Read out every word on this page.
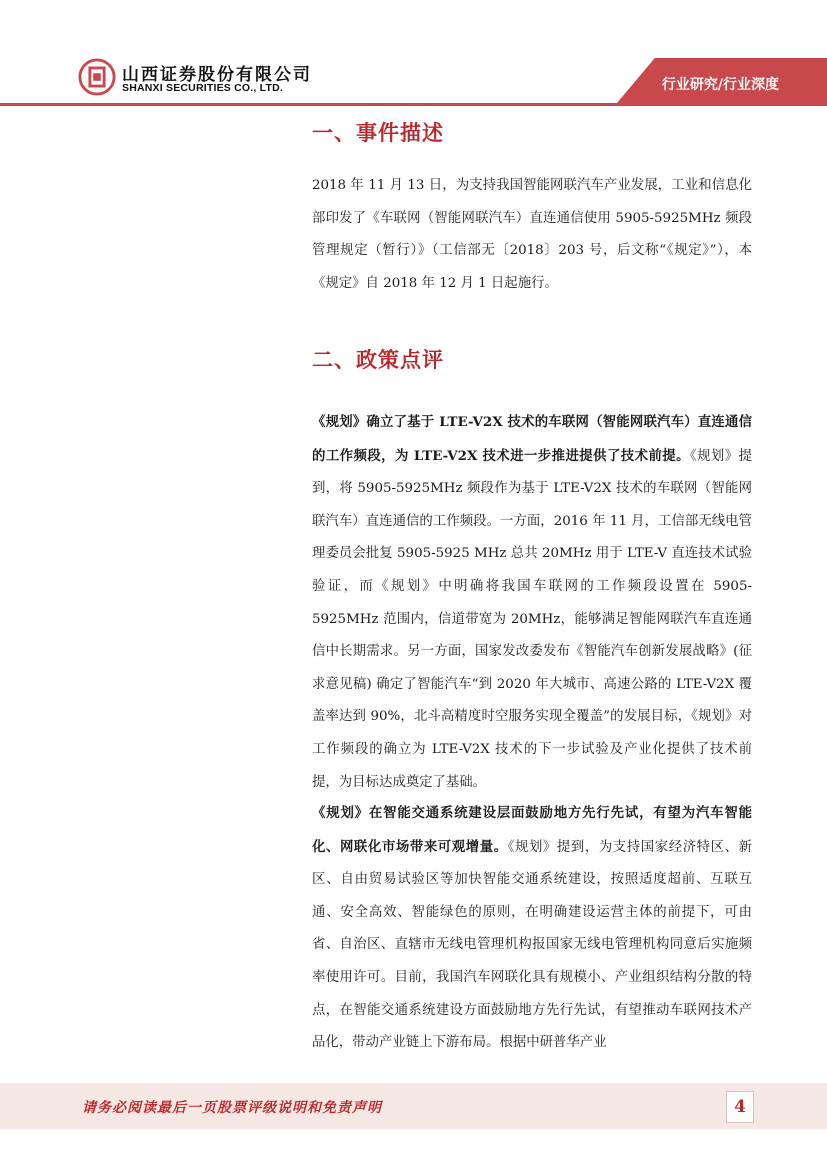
山西证券股份有限公司
SHANXI SECURITIES CO., LTD.	行业研究/行业深度
一、事件描述
二、政策点评

2018 年 11 月 13 日，为支持我国智能网联汽车产业发展，工业和信息化部印发了《车联网（智能网联汽车）直连通信使用 5905-5925MHz 频段管理规定（暂行）》（工信部无〔2018〕203 号，后文称“《规定》”），本《规定》自 2018 年 12 月 1 日起施行。

《规划》确立了基于 LTE-V2X 技术的车联网（智能网联汽车）直连通信的工作频段，为 LTE-V2X 技术进一步推进提供了技术前提。《规划》提到，将 5905-5925MHz 频段作为基于 LTE-V2X 技术的车联网（智能网联汽车）直连通信的工作频段。一方面，2016 年 11 月，工信部无线电管理委员会批复 5905-5925 MHz 总共 20MHz 用于 LTE-V 直连技术试验验证，而《规划》中明确将我国车联网的工作频段设置在 5905-5925MHz 范围内，信道带宽为 20MHz，能够满足智能网联汽车直连通信中长期需求。另一方面，国家发改委发布《智能汽车创新发展战略》(征求意见稿) 确定了智能汽车“到 2020 年大城市、高速公路的 LTE-V2X 覆盖率达到 90%，北斗高精度时空服务实现全覆盖”的发展目标，《规划》对工作频段的确立为 LTE-V2X 技术的下一步试验及产业化提供了技术前提，为目标达成奠定了基础。

《规划》在智能交通系统建设层面鼓励地方先行先试，有望为汽车智能化、网联化市场带来可观增量。《规划》提到，为支持国家经济特区、新区、自由贸易试验区等加快智能交通系统建设，按照适度超前、互联互通、安全高效、智能绿色的原则，在明确建设运营主体的前提下，可由省、自治区、直辖市无线电管理机构报国家无线电管理机构同意后实施频率使用许可。目前，我国汽车网联化具有规模小、产业组织结构分散的特点，在智能交通系统建设方面鼓励地方先行先试，有望推动车联网技术产品化，带动产业链上下游布局。根据中研普华产业

请务必阅读最后一页股票评级说明和免责声明	4
